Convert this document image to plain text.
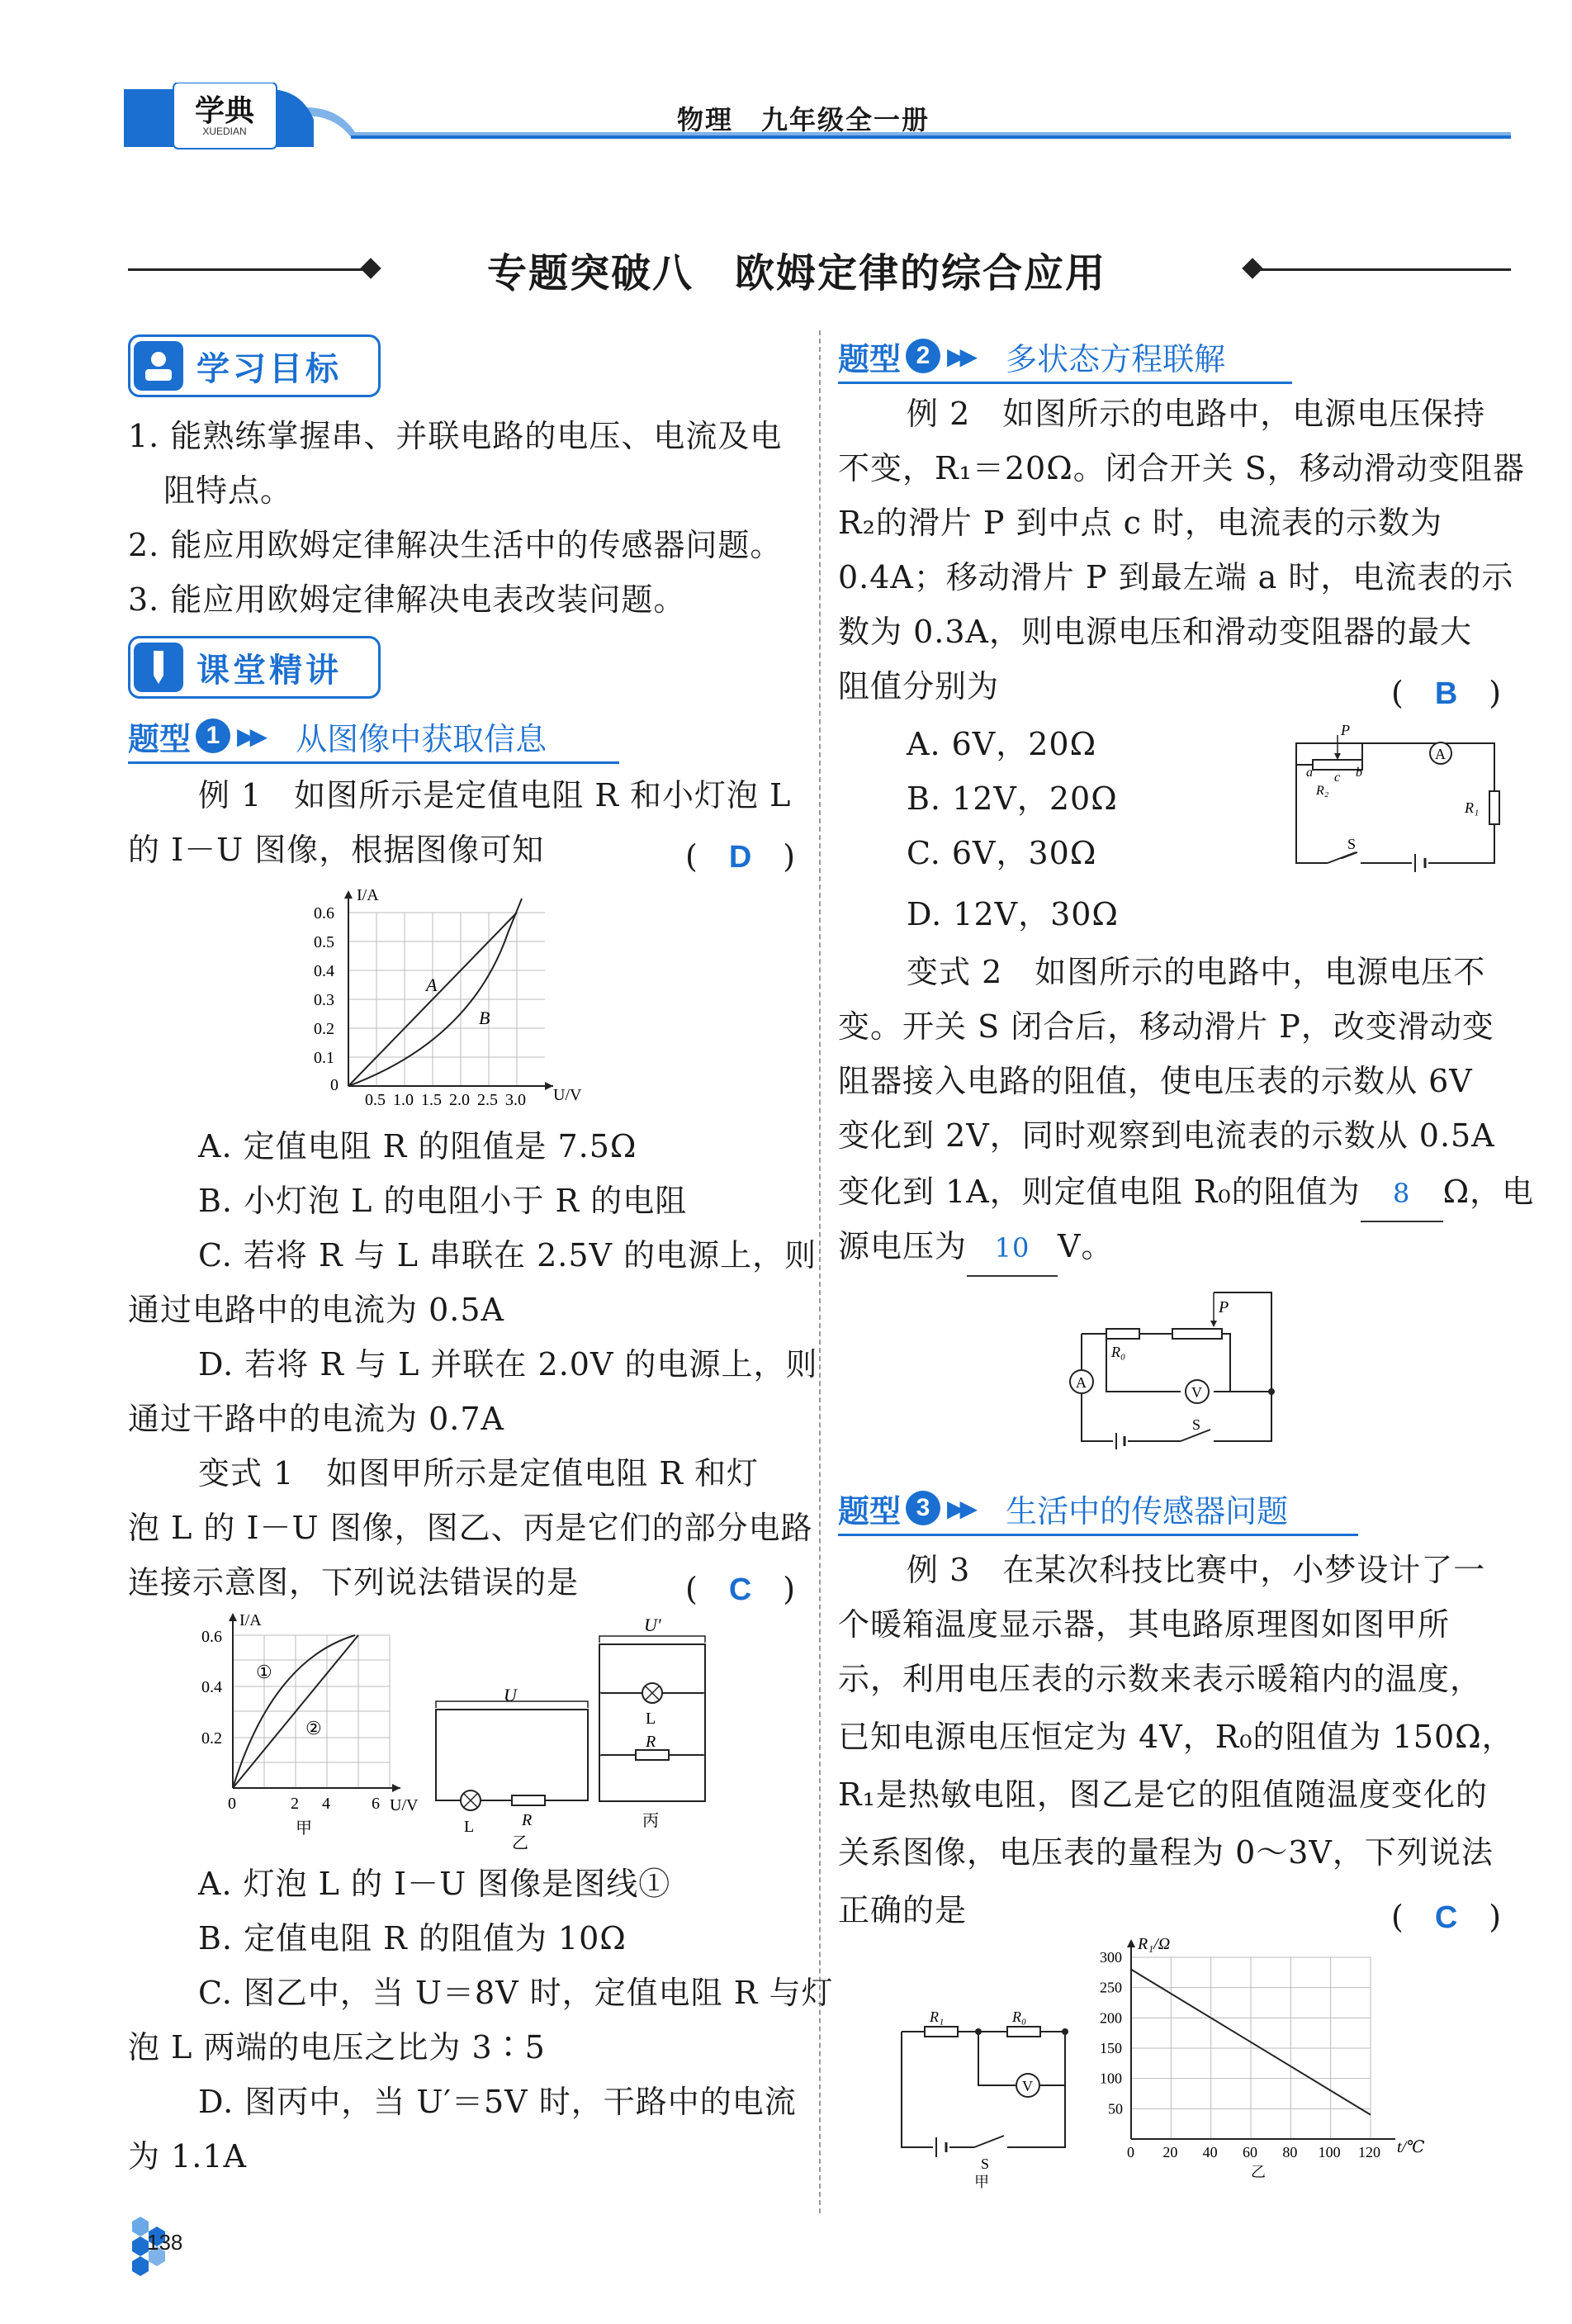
学典
XUEDIAN	物理　九年级全一册
专题突破八　欧姆定律的综合应用
学习目标
1. 能熟练掌握串、并联电路的电压、电流及电
阻特点。
2. 能应用欧姆定律解决生活中的传感器问题。
3. 能应用欧姆定律解决电表改装问题。
课堂精讲
题型 1 ▶▶ 从图像中获取信息
例 1　如图所示是定值电阻 R 和小灯泡 L
的 I－U 图像，根据图像可知	(　D　)
I/A
U/V
0
0.6
0.5
0.4
0.3
0.2
0.1
0.5 1.0 1.5 2.0 2.5 3.0
A
B
A. 定值电阻 R 的阻值是 7.5Ω
B. 小灯泡 L 的电阻小于 R 的电阻
C. 若将 R 与 L 串联在 2.5V 的电源上，则
通过电路中的电流为 0.5A
D. 若将 R 与 L 并联在 2.0V 的电源上，则
通过干路中的电流为 0.7A
变式 1　如图甲所示是定值电阻 R 和灯
泡 L 的 I－U 图像，图乙、丙是它们的部分电路
连接示意图，下列说法错误的是	(　C　)
I/A
U/V
0
0.6
0.4
0.2
2 4	6
①
②
甲
U
L	R
乙
U′
L
R
丙
A. 灯泡 L 的 I－U 图像是图线①
B. 定值电阻 R 的阻值为 10Ω
C. 图乙中，当 U＝8V 时，定值电阻 R 与灯
泡 L 两端的电压之比为 3∶5
D. 图丙中，当 U′＝5V 时，干路中的电流
为 1.1A
题型 2 ▶▶ 多状态方程联解
例 2　如图所示的电路中，电源电压保持
不变，R₁＝20Ω。闭合开关 S，移动滑动变阻器
R₂的滑片 P 到中点 c 时，电流表的示数为
0.4A；移动滑片 P 到最左端 a 时，电流表的示
数为 0.3A，则电源电压和滑动变阻器的最大
阻值分别为	(　B　)
A. 6V，20Ω
B. 12V，20Ω
C. 6V，30Ω
D. 12V，30Ω
P
a c b
R₂
A
R₁
S
变式 2　如图所示的电路中，电源电压不
变。开关 S 闭合后，移动滑片 P，改变滑动变
阻器接入电路的阻值，使电压表的示数从 6V
变化到 2V，同时观察到电流表的示数从 0.5A
变化到 1A，则定值电阻 R₀的阻值为 8 Ω，电
源电压为 10 V。
P
R₀
V
A
S
题型 3 ▶▶ 生活中的传感器问题
例 3　在某次科技比赛中，小梦设计了一
个暖箱温度显示器，其电路原理图如图甲所
示，利用电压表的示数来表示暖箱内的温度，
已知电源电压恒定为 4V，R₀的阻值为 150Ω，
R₁是热敏电阻，图乙是它的阻值随温度变化的
关系图像，电压表的量程为 0～3V，下列说法
正确的是	(　C　)
R₁	R₀
V
S
甲
R₁/Ω
t/℃
乙
0 20 40 60 80 100 120
300
250
200
150
100
50
138
